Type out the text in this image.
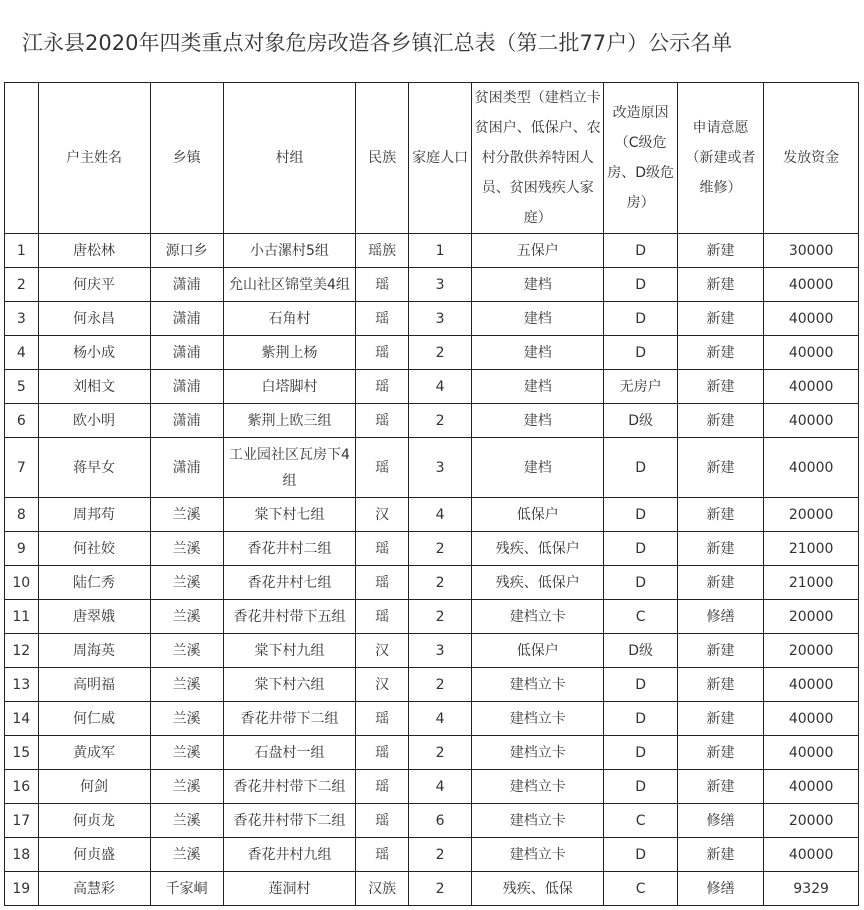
江永县2020年四类重点对象危房改造各乡镇汇总表（第二批77户）公示名单
	户主姓名	乡镇	村组	民族	家庭人口	贫困类型（建档立卡贫困户、低保户、农村分散供养特困人员、贫困残疾人家庭）	改造原因（C级危房、D级危房）	申请意愿（新建或者维修）	发放资金
1	唐松林	源口乡	小古漯村5组	瑶族	1	五保户	D	新建	30000
2	何庆平	潇浦	允山社区锦堂美4组	瑶	3	建档	D	新建	40000
3	何永昌	潇浦	石角村	瑶	3	建档	D	新建	40000
4	杨小成	潇浦	紫荆上杨	瑶	2	建档	D	新建	40000
5	刘相文	潇浦	白塔脚村	瑶	4	建档	无房户	新建	40000
6	欧小明	潇浦	紫荆上欧三组	瑶	2	建档	D级	新建	40000
7	蒋早女	潇浦	工业园社区瓦房下4组	瑶	3	建档	D	新建	40000
8	周邦苟	兰溪	棠下村七组	汉	4	低保户	D	新建	20000
9	何社姣	兰溪	香花井村二组	瑶	2	残疾、低保户	D	新建	21000
10	陆仁秀	兰溪	香花井村七组	瑶	2	残疾、低保户	D	新建	21000
11	唐翠娥	兰溪	香花井村带下五组	瑶	2	建档立卡	C	修缮	20000
12	周海英	兰溪	棠下村九组	汉	3	低保户	D级	新建	20000
13	高明福	兰溪	棠下村六组	汉	2	建档立卡	D	新建	40000
14	何仁威	兰溪	香花井带下二组	瑶	4	建档立卡	D	新建	40000
15	黄成军	兰溪	石盘村一组	瑶	2	建档立卡	D	新建	40000
16	何剑	兰溪	香花井村带下二组	瑶	4	建档立卡	D	新建	40000
17	何贞龙	兰溪	香花井村带下二组	瑶	6	建档立卡	C	修缮	20000
18	何贞盛	兰溪	香花井村九组	瑶	2	建档立卡	D	新建	40000
19	高慧彩	千家峒	莲洞村	汉族	2	残疾、低保	C	修缮	9329
